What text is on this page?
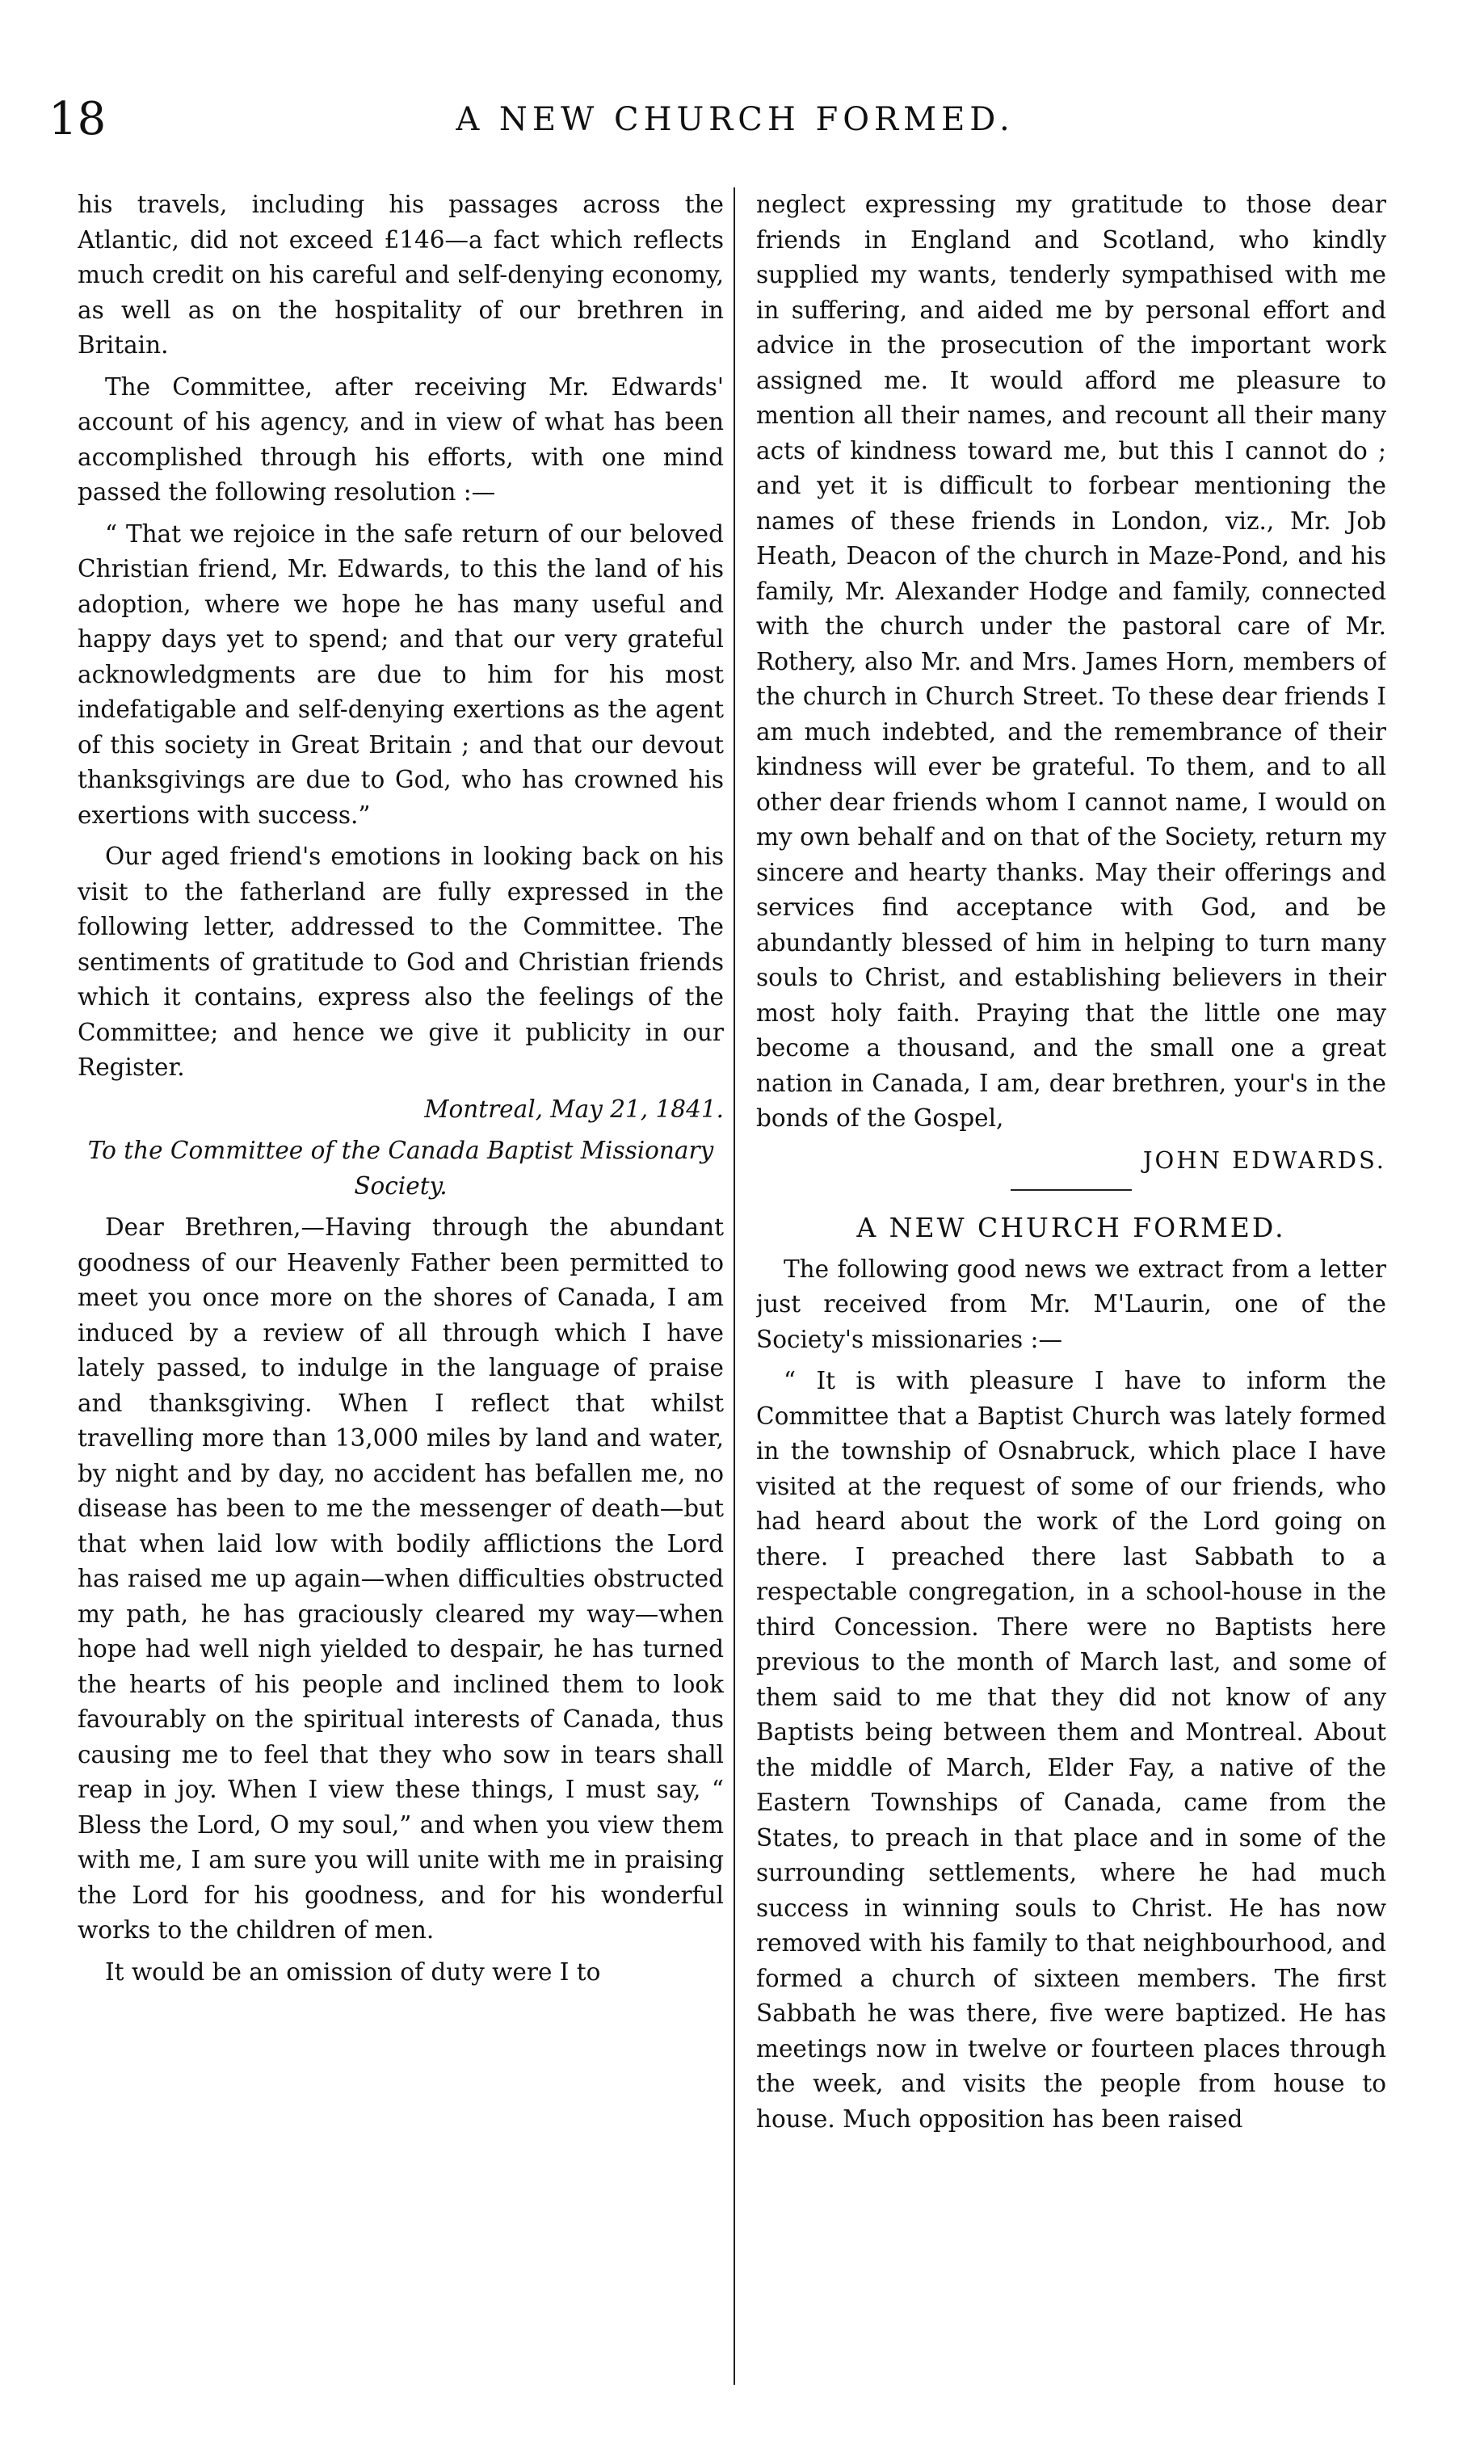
18	A NEW CHURCH FORMED.

his travels, including his passages across the Atlantic, did not exceed £146—a fact which reflects much credit on his careful and self-denying economy, as well as on the hospitality of our brethren in Britain.

The Committee, after receiving Mr. Edwards' account of his agency, and in view of what has been accomplished through his efforts, with one mind passed the following resolution :—

“ That we rejoice in the safe return of our beloved Christian friend, Mr. Edwards, to this the land of his adoption, where we hope he has many useful and happy days yet to spend; and that our very grateful acknowledgments are due to him for his most indefatigable and self-denying exertions as the agent of this society in Great Britain ; and that our devout thanksgivings are due to God, who has crowned his exertions with success.”

Our aged friend's emotions in looking back on his visit to the fatherland are fully expressed in the following letter, addressed to the Committee. The sentiments of gratitude to God and Christian friends which it contains, express also the feelings of the Committee; and hence we give it publicity in our Register.

Montreal, May 21, 1841.

To the Committee of the Canada Baptist Missionary Society.

Dear Brethren,—Having through the abundant goodness of our Heavenly Father been permitted to meet you once more on the shores of Canada, I am induced by a review of all through which I have lately passed, to indulge in the language of praise and thanksgiving. When I reflect that whilst travelling more than 13,000 miles by land and water, by night and by day, no accident has befallen me, no disease has been to me the messenger of death—but that when laid low with bodily afflictions the Lord has raised me up again—when difficulties obstructed my path, he has graciously cleared my way—when hope had well nigh yielded to despair, he has turned the hearts of his people and inclined them to look favourably on the spiritual interests of Canada, thus causing me to feel that they who sow in tears shall reap in joy. When I view these things, I must say, “ Bless the Lord, O my soul,” and when you view them with me, I am sure you will unite with me in praising the Lord for his goodness, and for his wonderful works to the children of men.

It would be an omission of duty were I to

neglect expressing my gratitude to those dear friends in England and Scotland, who kindly supplied my wants, tenderly sympathised with me in suffering, and aided me by personal effort and advice in the prosecution of the important work assigned me. It would afford me pleasure to mention all their names, and recount all their many acts of kindness toward me, but this I cannot do ; and yet it is difficult to forbear mentioning the names of these friends in London, viz., Mr. Job Heath, Deacon of the church in Maze-Pond, and his family, Mr. Alexander Hodge and family, connected with the church under the pastoral care of Mr. Rothery, also Mr. and Mrs. James Horn, members of the church in Church Street. To these dear friends I am much indebted, and the remembrance of their kindness will ever be grateful. To them, and to all other dear friends whom I cannot name, I would on my own behalf and on that of the Society, return my sincere and hearty thanks. May their offerings and services find acceptance with God, and be abundantly blessed of him in helping to turn many souls to Christ, and establishing believers in their most holy faith. Praying that the little one may become a thousand, and the small one a great nation in Canada, I am, dear brethren, your's in the bonds of the Gospel,

JOHN EDWARDS.

A NEW CHURCH FORMED.

The following good news we extract from a letter just received from Mr. M'Laurin, one of the Society's missionaries :—

“ It is with pleasure I have to inform the Committee that a Baptist Church was lately formed in the township of Osnabruck, which place I have visited at the request of some of our friends, who had heard about the work of the Lord going on there. I preached there last Sabbath to a respectable congregation, in a school-house in the third Concession. There were no Baptists here previous to the month of March last, and some of them said to me that they did not know of any Baptists being between them and Montreal. About the middle of March, Elder Fay, a native of the Eastern Townships of Canada, came from the States, to preach in that place and in some of the surrounding settlements, where he had much success in winning souls to Christ. He has now removed with his family to that neighbourhood, and formed a church of sixteen members. The first Sabbath he was there, five were baptized. He has meetings now in twelve or fourteen places through the week, and visits the people from house to house. Much opposition has been raised
